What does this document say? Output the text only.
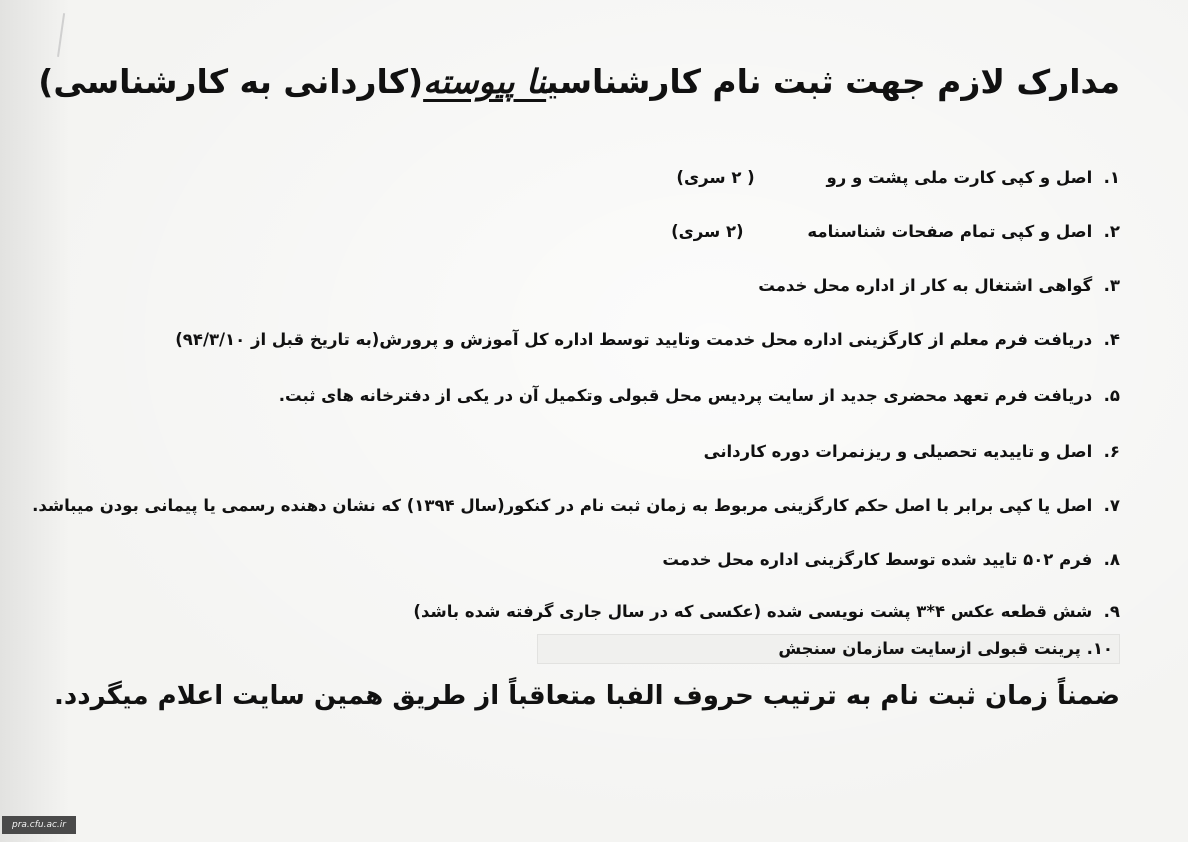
مدارک لازم جهت ثبت نام کارشناسینا پیوسته(کاردانی به کارشناسی)
۱. اصل و کپی کارت ملی پشت و رو ( ۲ سری)
۲. اصل و کپی تمام صفحات شناسنامه (۲ سری)
۳. گواهی اشتغال به کار از اداره محل خدمت
۴. دریافت فرم معلم از کارگزینی اداره محل خدمت وتایید توسط اداره کل آموزش و پرورش(به تاریخ قبل از ۹۴/۳/۱۰)
۵. دریافت فرم تعهد محضری جدید از سایت پردیس محل قبولی وتکمیل آن در یکی از دفترخانه های ثبت.
۶. اصل و تاییدیه تحصیلی و ریزنمرات دوره کاردانی
۷. اصل یا کپی برابر با اصل حکم کارگزینی مربوط به زمان ثبت نام در کنکور(سال ۱۳۹۴) که نشان دهنده رسمی یا پیمانی بودن میباشد.
۸. فرم ۵۰۲ تایید شده توسط کارگزینی اداره محل خدمت
۹. شش قطعه عکس ۴*۳ پشت نویسی شده (عکسی که در سال جاری گرفته شده باشد)
۱۰. پرینت قبولی ازسایت سازمان سنجش
ضمناً زمان ثبت نام به ترتیب حروف الفبا متعاقباً از طریق همین سایت اعلام میگردد.
pra.cfu.ac.ir
